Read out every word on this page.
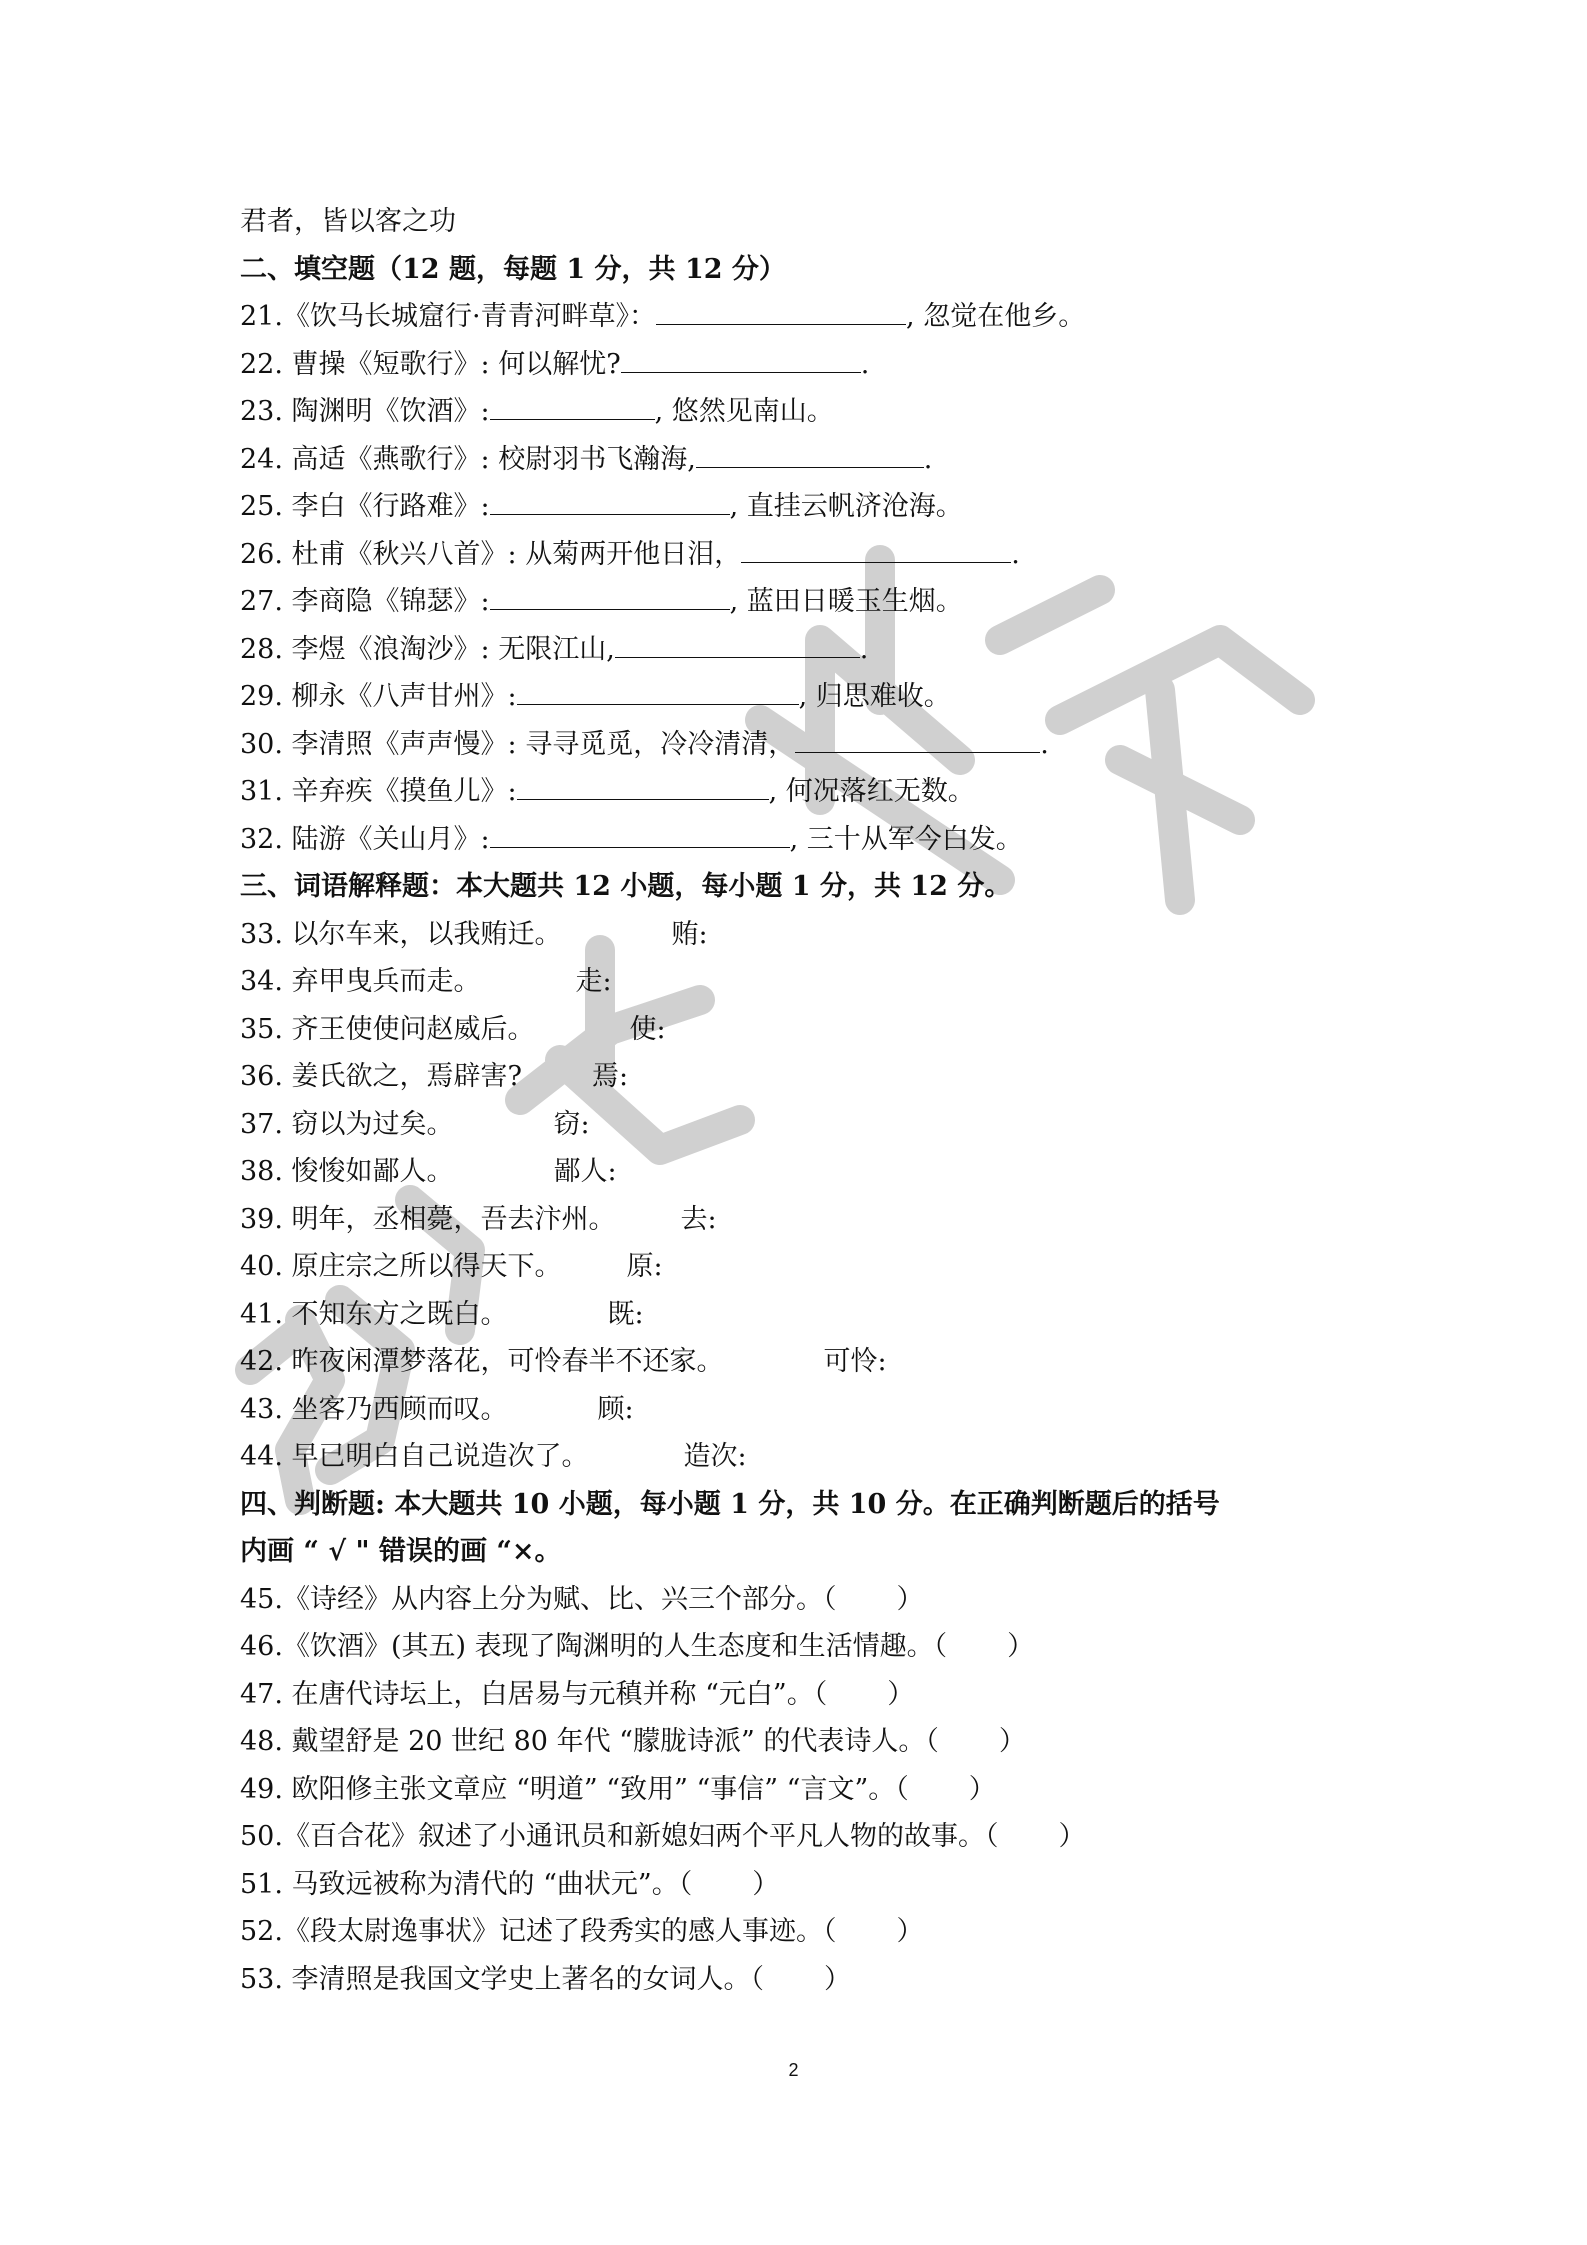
君者，皆以客之功
二、填空题（12 题，每题 1 分，共 12 分）
21.《饮马长城窟行·青青河畔草》：	, 忽觉在他乡。
22. 曹操《短歌行》: 何以解忧?	.
23. 陶渊明《饮酒》:	, 悠然见南山。
24. 高适《燕歌行》: 校尉羽书飞瀚海,	.
25. 李白《行路难》:	, 直挂云帆济沧海。
26. 杜甫《秋兴八首》: 从菊两开他日泪，	.
27. 李商隐《锦瑟》:	, 蓝田日暖玉生烟。
28. 李煜《浪淘沙》: 无限江山,	.
29. 柳永《八声甘州》:	, 归思难收。
30. 李清照《声声慢》: 寻寻觅觅，冷冷清清，	.
31. 辛弃疾《摸鱼儿》:	, 何况落红无数。
32. 陆游《关山月》:	, 三十从军今白发。
三、词语解释题：本大题共 12 小题，每小题 1 分，共 12 分。
33. 以尔车来，以我贿迁。	贿:
34. 弃甲曳兵而走。	走:
35. 齐王使使问赵威后。	使:
36. 姜氏欲之，焉辟害?	焉:
37. 窃以为过矣。	窃:
38. 悛悛如鄙人。	鄙人:
39. 明年，丞相薨，吾去汴州。 去:
40. 原庄宗之所以得天下。 原:
41. 不知东方之既白。	既:
42. 昨夜闲潭梦落花，可怜春半不还家。	可怜:
43. 坐客乃西顾而叹。	顾:
44. 早已明白自己说造次了。	造次:
四、判断题: 本大题共 10 小题，每小题 1 分，共 10 分。在正确判断题后的括号
内画 “ √ " 错误的画 “×。
45.《诗经》从内容上分为赋、比、兴三个部分。（ ）
46.《饮酒》(其五) 表现了陶渊明的人生态度和生活情趣。（ ）
47. 在唐代诗坛上，白居易与元稹并称 “元白”。（ ）
48. 戴望舒是 20 世纪 80 年代 “朦胧诗派” 的代表诗人。（ ）
49. 欧阳修主张文章应 “明道” “致用” “事信” “言文”。（ ）
50.《百合花》叙述了小通讯员和新媳妇两个平凡人物的故事。（ ）
51. 马致远被称为清代的 “曲状元”。（ ）
52.《段太尉逸事状》记述了段秀实的感人事迹。（ ）
53. 李清照是我国文学史上著名的女词人。（ ）
2
